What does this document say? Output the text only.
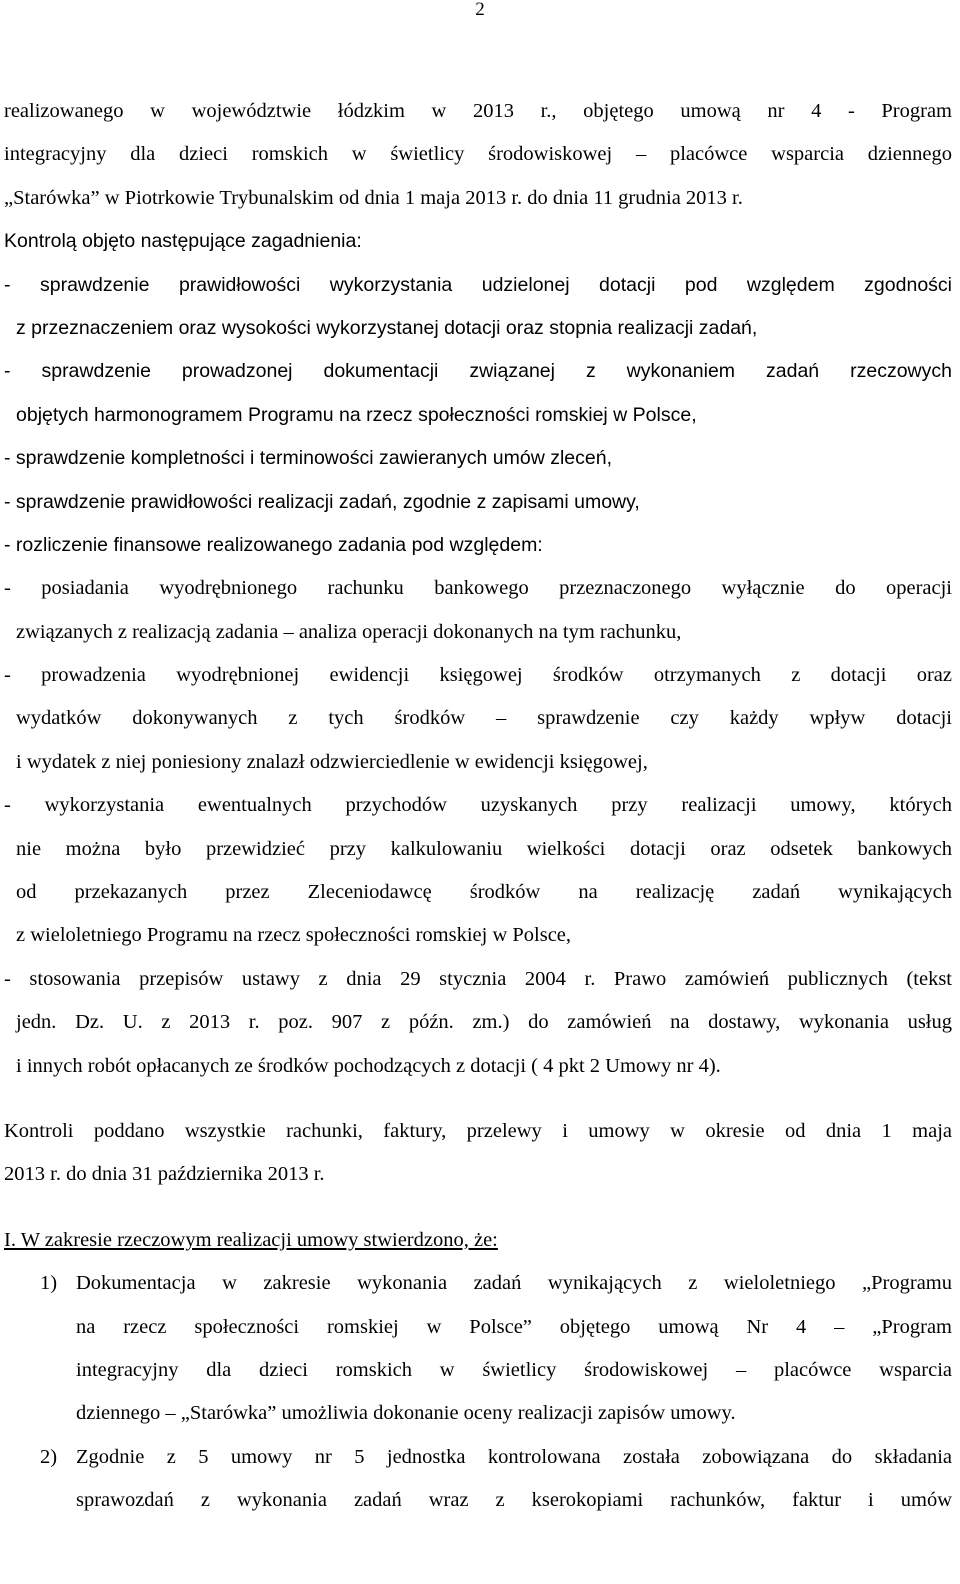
2
realizowanego w województwie łódzkim w 2013 r., objętego umową nr 4 - Program
integracyjny dla dzieci romskich w świetlicy środowiskowej – placówce wsparcia dziennego
„Starówka” w Piotrkowie Trybunalskim od dnia 1 maja 2013 r. do dnia 11 grudnia 2013 r.
Kontrolą objęto następujące zagadnienia:
- sprawdzenie prawidłowości wykorzystania udzielonej dotacji pod względem zgodności
z przeznaczeniem oraz wysokości wykorzystanej dotacji oraz stopnia realizacji zadań,
- sprawdzenie prowadzonej dokumentacji związanej z wykonaniem zadań rzeczowych
objętych harmonogramem Programu na rzecz społeczności romskiej w Polsce,
- sprawdzenie kompletności i terminowości zawieranych umów zleceń,
- sprawdzenie prawidłowości realizacji zadań, zgodnie z zapisami umowy,
- rozliczenie finansowe realizowanego zadania pod względem:
- posiadania wyodrębnionego rachunku bankowego przeznaczonego wyłącznie do operacji
związanych z realizacją zadania – analiza operacji dokonanych na tym rachunku,
- prowadzenia wyodrębnionej ewidencji księgowej środków otrzymanych z dotacji oraz
wydatków dokonywanych z tych środków – sprawdzenie czy każdy wpływ dotacji
i wydatek z niej poniesiony znalazł odzwierciedlenie w ewidencji księgowej,
- wykorzystania ewentualnych przychodów uzyskanych przy realizacji umowy, których
nie można było przewidzieć przy kalkulowaniu wielkości dotacji oraz odsetek bankowych
od przekazanych przez Zleceniodawcę środków na realizację zadań wynikających
z wieloletniego Programu na rzecz społeczności romskiej w Polsce,
- stosowania przepisów ustawy z dnia 29 stycznia 2004 r. Prawo zamówień publicznych (tekst
jedn. Dz. U. z 2013 r. poz. 907 z późn. zm.) do zamówień na dostawy, wykonania usług
i innych robót opłacanych ze środków pochodzących z dotacji ( 4 pkt 2 Umowy nr 4).
Kontroli poddano wszystkie rachunki, faktury, przelewy i umowy w okresie od dnia 1 maja
2013 r. do dnia 31 października 2013 r.
I. W zakresie rzeczowym realizacji umowy stwierdzono, że:
1) Dokumentacja w zakresie wykonania zadań wynikających z wieloletniego „Programu
na rzecz społeczności romskiej w Polsce” objętego umową Nr 4 – „Program
integracyjny dla dzieci romskich w świetlicy środowiskowej – placówce wsparcia
dziennego – „Starówka” umożliwia dokonanie oceny realizacji zapisów umowy.
2) Zgodnie z 5 umowy nr 5 jednostka kontrolowana została zobowiązana do składania
sprawozdań z wykonania zadań wraz z kserokopiami rachunków, faktur i umów
